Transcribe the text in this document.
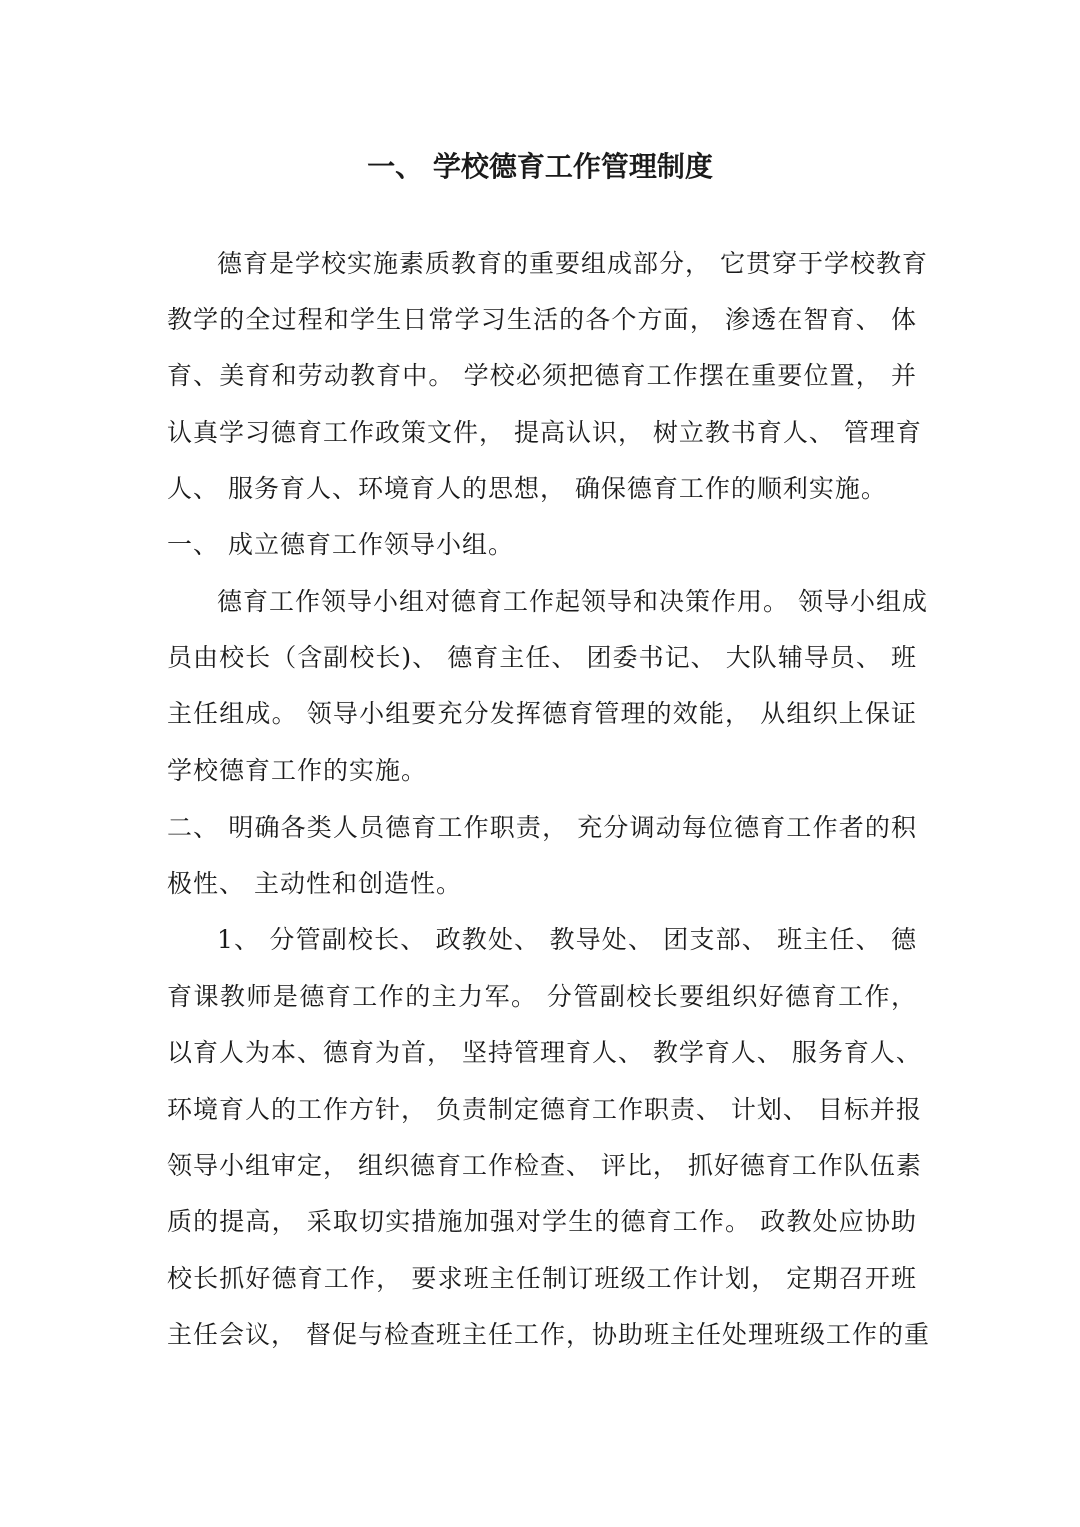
一、 学校德育工作管理制度
德育是学校实施素质教育的重要组成部分， 它贯穿于学校教育
教学的全过程和学生日常学习生活的各个方面， 渗透在智育、 体
育、美育和劳动教育中。 学校必须把德育工作摆在重要位置， 并
认真学习德育工作政策文件， 提高认识， 树立教书育人、 管理育
人、 服务育人、环境育人的思想， 确保德育工作的顺利实施。
一、 成立德育工作领导小组。
德育工作领导小组对德育工作起领导和决策作用。 领导小组成
员由校长（含副校长)、 德育主任、 团委书记、 大队辅导员、 班
主任组成。 领导小组要充分发挥德育管理的效能， 从组织上保证
学校德育工作的实施。
二、 明确各类人员德育工作职责， 充分调动每位德育工作者的积
极性、 主动性和创造性。
1、 分管副校长、 政教处、 教导处、 团支部、 班主任、 德
育课教师是德育工作的主力军。 分管副校长要组织好德育工作，
以育人为本、德育为首， 坚持管理育人、 教学育人、 服务育人、
环境育人的工作方针， 负责制定德育工作职责、 计划、 目标并报
领导小组审定， 组织德育工作检查、 评比， 抓好德育工作队伍素
质的提高， 采取切实措施加强对学生的德育工作。 政教处应协助
校长抓好德育工作， 要求班主任制订班级工作计划， 定期召开班
主任会议， 督促与检查班主任工作，协助班主任处理班级工作的重
